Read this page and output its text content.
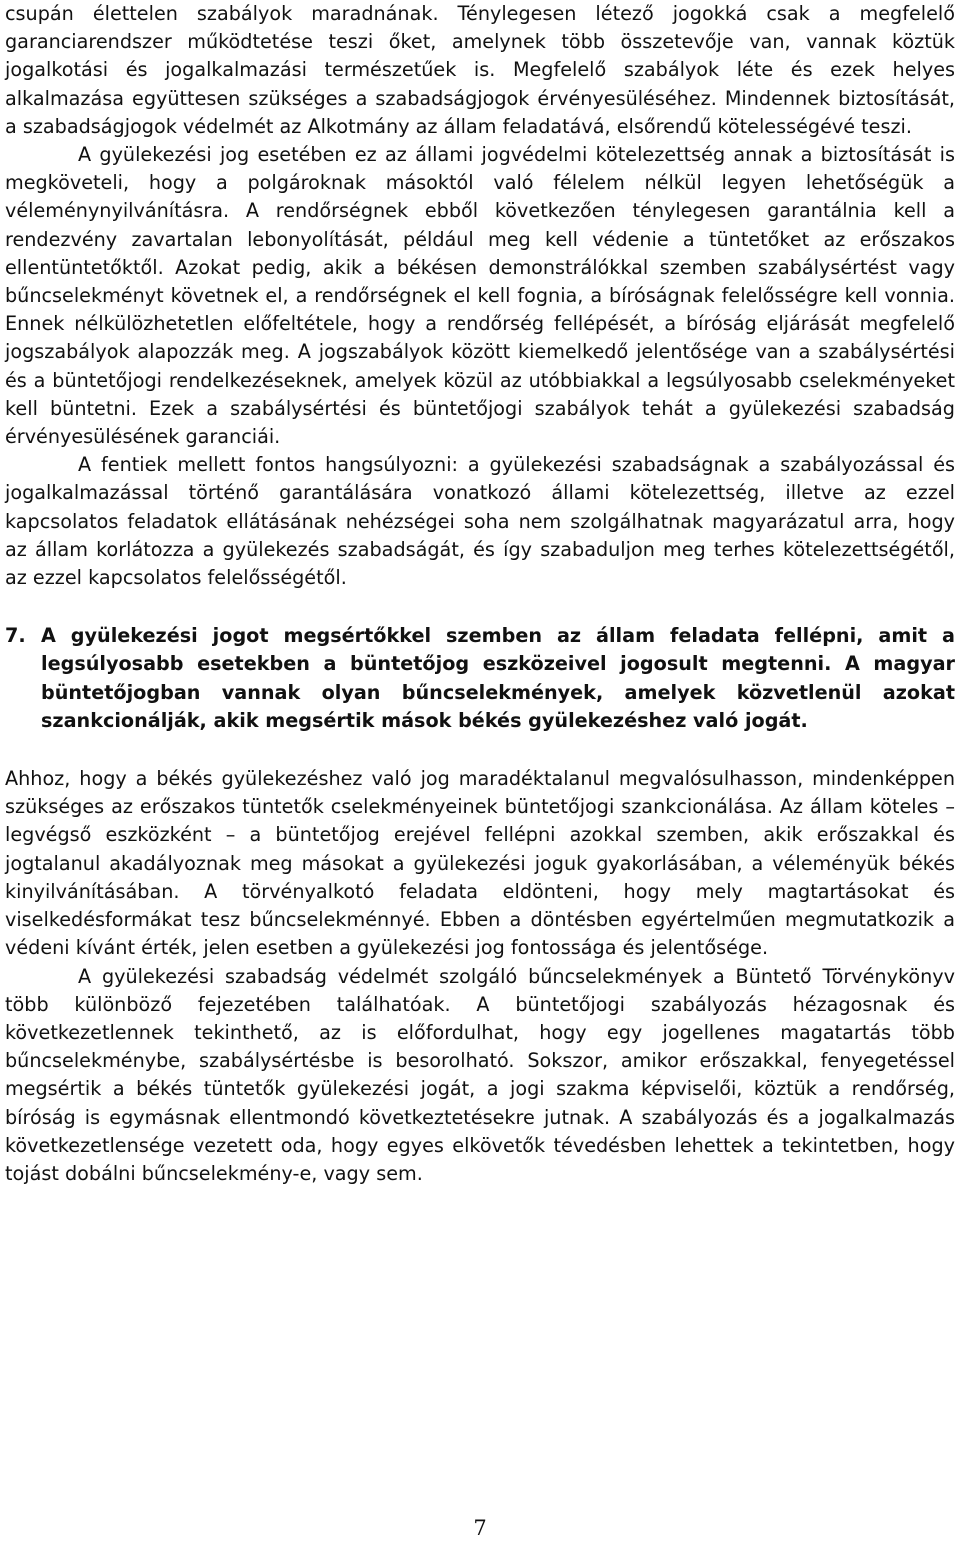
csupán élettelen szabályok maradnának. Ténylegesen létező jogokká csak a megfelelő garanciarendszer működtetése teszi őket, amelynek több összetevője van, vannak köztük jogalkotási és jogalkalmazási természetűek is. Megfelelő szabályok léte és ezek helyes alkalmazása együttesen szükséges a szabadságjogok érvényesüléséhez. Mindennek biztosítását, a szabadságjogok védelmét az Alkotmány az állam feladatává, elsőrendű kötelességévé teszi.

A gyülekezési jog esetében ez az állami jogvédelmi kötelezettség annak a biztosítását is megköveteli, hogy a polgároknak másoktól való félelem nélkül legyen lehetőségük a véleménynyilvánításra. A rendőrségnek ebből következően ténylegesen garantálnia kell a rendezvény zavartalan lebonyolítását, például meg kell védenie a tüntetőket az erőszakos ellentüntetőktől. Azokat pedig, akik a békésen demonstrálókkal szemben szabálysértést vagy bűncselekményt követnek el, a rendőrségnek el kell fognia, a bíróságnak felelősségre kell vonnia. Ennek nélkülözhetetlen előfeltétele, hogy a rendőrség fellépését, a bíróság eljárását megfelelő jogszabályok alapozzák meg. A jogszabályok között kiemelkedő jelentősége van a szabálysértési és a büntetőjogi rendelkezéseknek, amelyek közül az utóbbiakkal a legsúlyosabb cselekményeket kell büntetni. Ezek a szabálysértési és büntetőjogi szabályok tehát a gyülekezési szabadság érvényesülésének garanciái.

A fentiek mellett fontos hangsúlyozni: a gyülekezési szabadságnak a szabályozással és jogalkalmazással történő garantálására vonatkozó állami kötelezettség, illetve az ezzel kapcsolatos feladatok ellátásának nehézségei soha nem szolgálhatnak magyarázatul arra, hogy az állam korlátozza a gyülekezés szabadságát, és így szabaduljon meg terhes kötelezettségétől, az ezzel kapcsolatos felelősségétől.

7. A gyülekezési jogot megsértőkkel szemben az állam feladata fellépni, amit a legsúlyosabb esetekben a büntetőjog eszközeivel jogosult megtenni. A magyar büntetőjogban vannak olyan bűncselekmények, amelyek közvetlenül azokat szankcionálják, akik megsértik mások békés gyülekezéshez való jogát.

Ahhoz, hogy a békés gyülekezéshez való jog maradéktalanul megvalósulhasson, mindenképpen szükséges az erőszakos tüntetők cselekményeinek büntetőjogi szankcionálása. Az állam köteles – legvégső eszközként – a büntetőjog erejével fellépni azokkal szemben, akik erőszakkal és jogtalanul akadályoznak meg másokat a gyülekezési joguk gyakorlásában, a véleményük békés kinyilvánításában. A törvényalkotó feladata eldönteni, hogy mely magtartásokat és viselkedésformákat tesz bűncselekménnyé. Ebben a döntésben egyértelműen megmutatkozik a védeni kívánt érték, jelen esetben a gyülekezési jog fontossága és jelentősége.

A gyülekezési szabadság védelmét szolgáló bűncselekmények a Büntető Törvénykönyv több különböző fejezetében találhatóak. A büntetőjogi szabályozás hézagosnak és következetlennek tekinthető, az is előfordulhat, hogy egy jogellenes magatartás több bűncselekménybe, szabálysértésbe is besorolható. Sokszor, amikor erőszakkal, fenyegetéssel megsértik a békés tüntetők gyülekezési jogát, a jogi szakma képviselői, köztük a rendőrség, bíróság is egymásnak ellentmondó következtetésekre jutnak. A szabályozás és a jogalkalmazás következetlensége vezetett oda, hogy egyes elkövetők tévedésben lehettek a tekintetben, hogy tojást dobálni bűncselekmény-e, vagy sem.

7
